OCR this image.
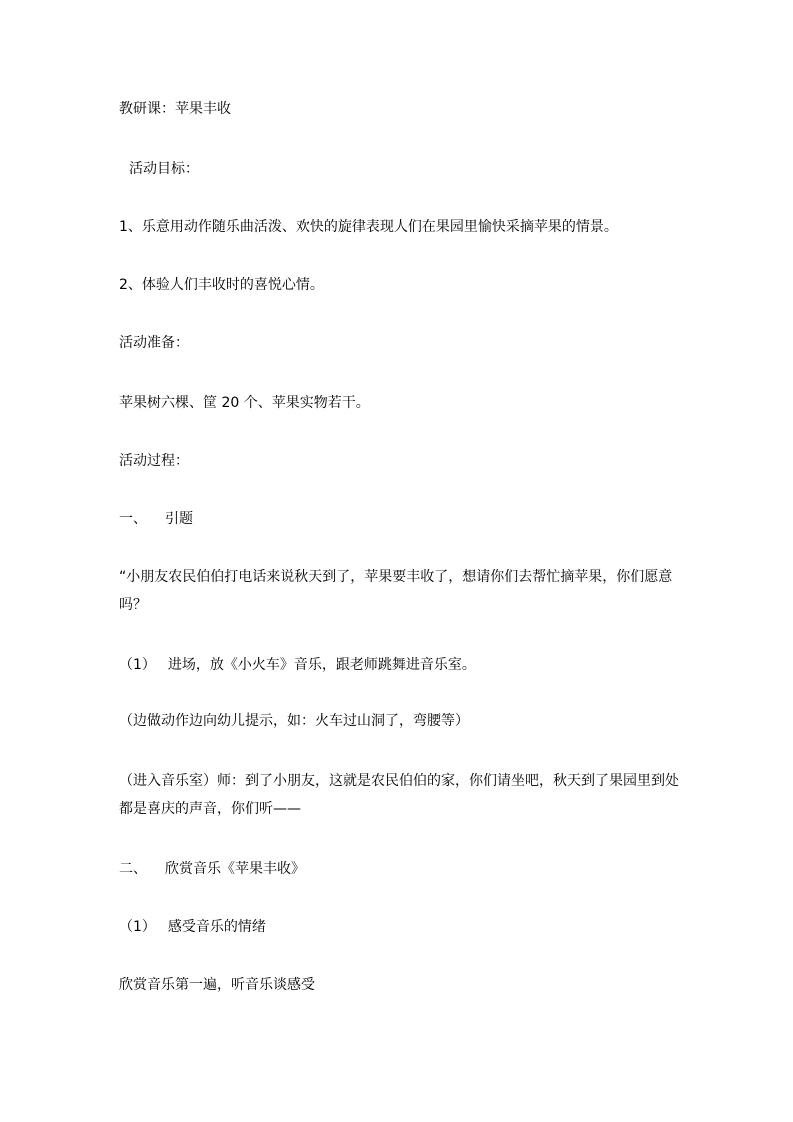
教研课：苹果丰收
活动目标：
1、乐意用动作随乐曲活泼、欢快的旋律表现人们在果园里愉快采摘苹果的情景。
2、体验人们丰收时的喜悦心情。
活动准备：
苹果树六棵、筐 20 个、苹果实物若干。
活动过程：
一、 引题
“小朋友农民伯伯打电话来说秋天到了，苹果要丰收了，想请你们去帮忙摘苹果，你们愿意
吗？
（1） 进场，放《小火车》音乐，跟老师跳舞进音乐室。
（边做动作边向幼儿提示，如：火车过山洞了，弯腰等）
（进入音乐室）师：到了小朋友，这就是农民伯伯的家，你们请坐吧，秋天到了果园里到处
都是喜庆的声音，你们听——
二、 欣赏音乐《苹果丰收》
（1） 感受音乐的情绪
欣赏音乐第一遍，听音乐谈感受
